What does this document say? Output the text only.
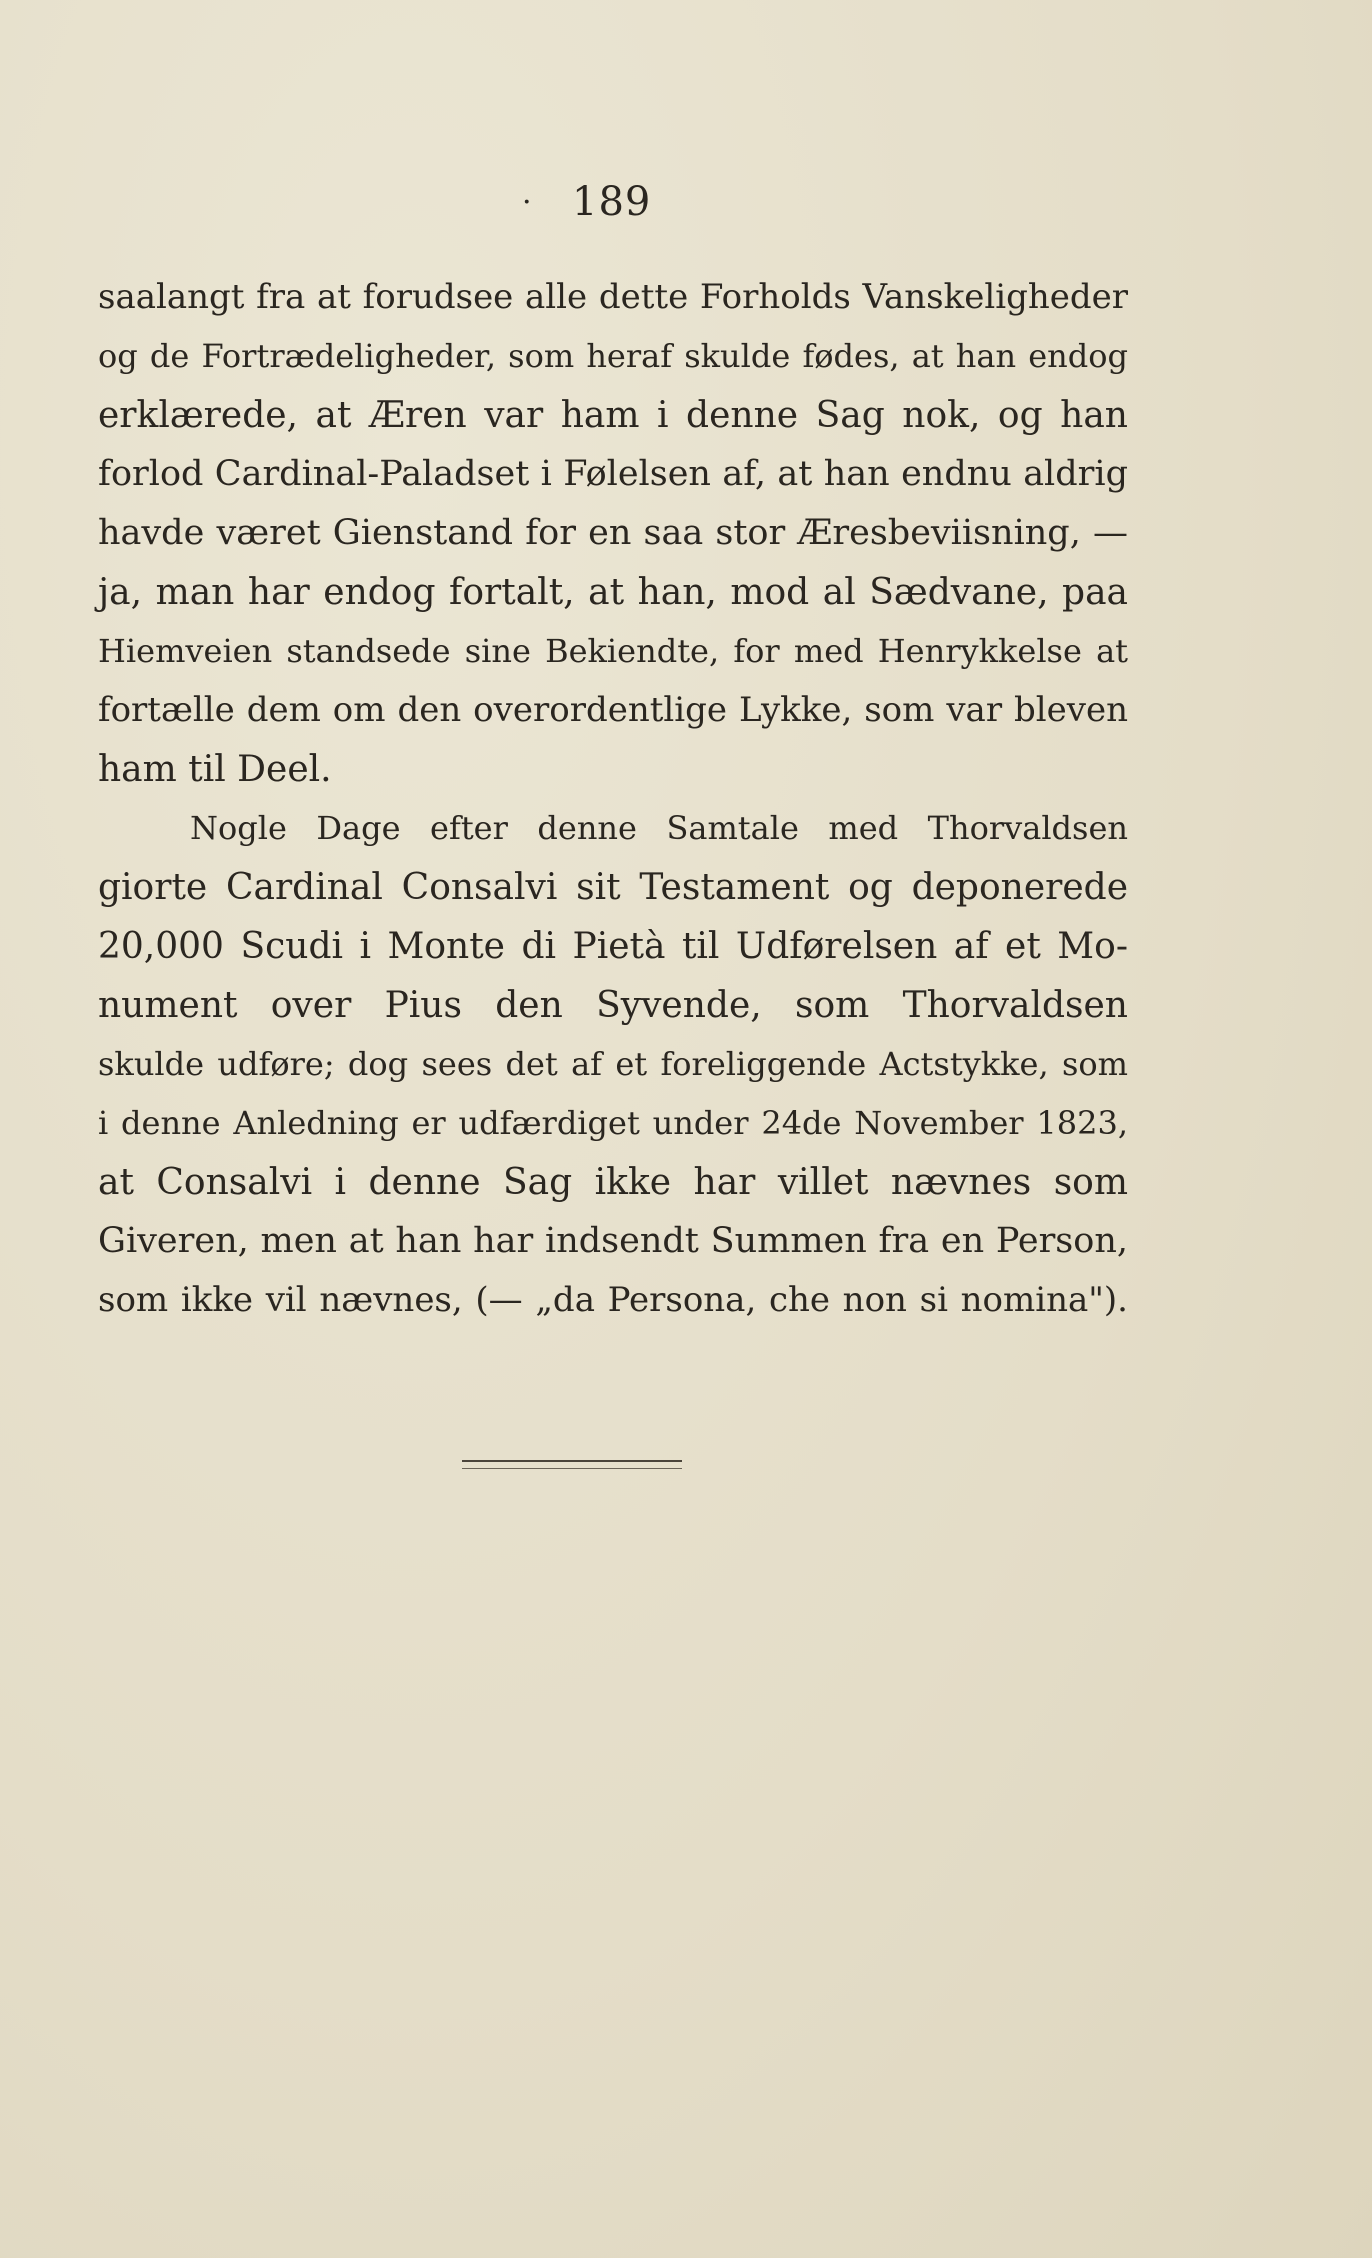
· 189
saalangt fra at forudsee alle dette Forholds Vanskeligheder
og de Fortrædeligheder, som heraf skulde fødes, at han endog
erklærede, at Æren var ham i denne Sag nok, og han
forlod Cardinal-Paladset i Følelsen af, at han endnu aldrig
havde været Gienstand for en saa stor Æresbeviisning, —
ja, man har endog fortalt, at han, mod al Sædvane, paa
Hiemveien standsede sine Bekiendte, for med Henrykkelse at
fortælle dem om den overordentlige Lykke, som var bleven
ham til Deel.
Nogle Dage efter denne Samtale med Thorvaldsen
giorte Cardinal Consalvi sit Testament og deponerede
20,000 Scudi i Monte di Pietà til Udførelsen af et Mo-
nument over Pius den Syvende, som Thorvaldsen
skulde udføre; dog sees det af et foreliggende Actstykke, som
i denne Anledning er udfærdiget under 24de November 1823,
at Consalvi i denne Sag ikke har villet nævnes som
Giveren, men at han har indsendt Summen fra en Person,
som ikke vil nævnes, (— „da Persona, che non si nomina").
